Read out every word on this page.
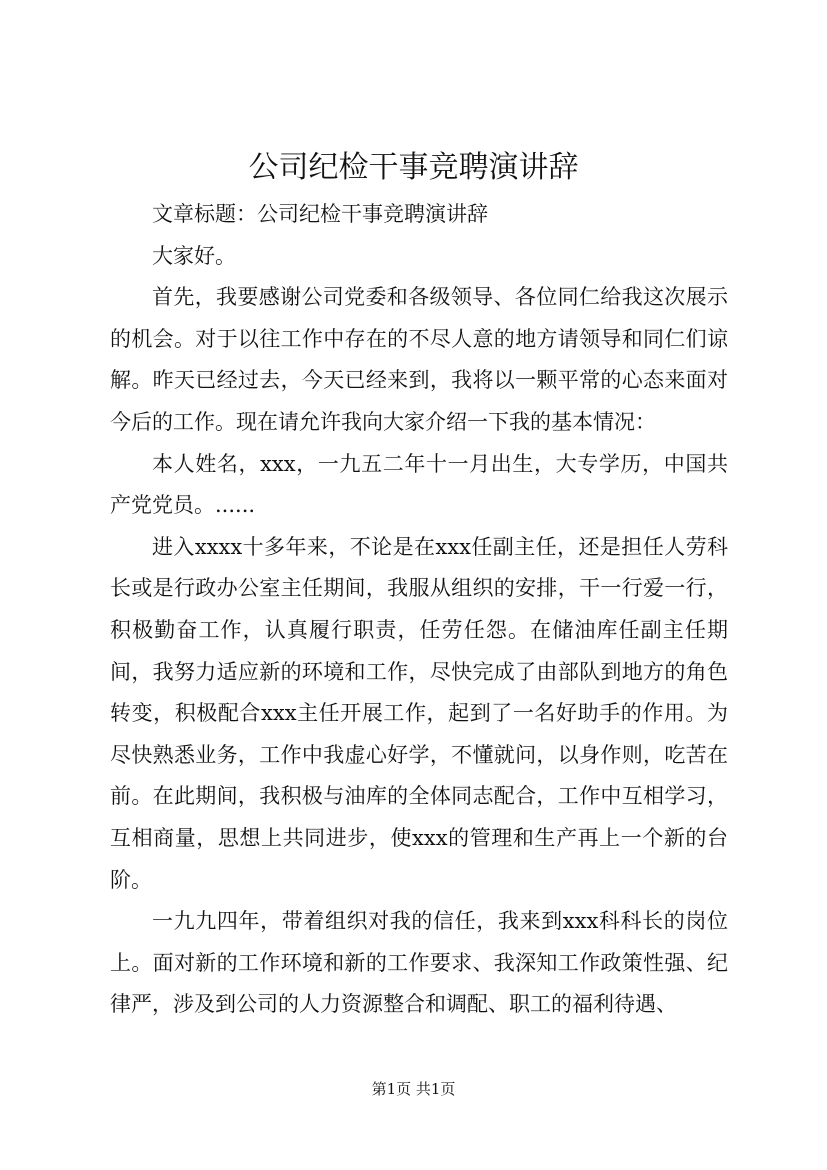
公司纪检干事竞聘演讲辞

文章标题：公司纪检干事竞聘演讲辞

大家好。

首先，我要感谢公司党委和各级领导、各位同仁给我这次展示的机会。对于以往工作中存在的不尽人意的地方请领导和同仁们谅解。昨天已经过去，今天已经来到，我将以一颗平常的心态来面对今后的工作。现在请允许我向大家介绍一下我的基本情况：

本人姓名，xxx，一九五二年十一月出生，大专学历，中国共产党党员。......

进入xxxx十多年来，不论是在xxx任副主任，还是担任人劳科长或是行政办公室主任期间，我服从组织的安排，干一行爱一行，积极勤奋工作，认真履行职责，任劳任怨。在储油库任副主任期间，我努力适应新的环境和工作，尽快完成了由部队到地方的角色转变，积极配合xxx主任开展工作，起到了一名好助手的作用。为尽快熟悉业务，工作中我虚心好学，不懂就问，以身作则，吃苦在前。在此期间，我积极与油库的全体同志配合，工作中互相学习，互相商量，思想上共同进步，使xxx的管理和生产再上一个新的台阶。

一九九四年，带着组织对我的信任，我来到xxx科科长的岗位上。面对新的工作环境和新的工作要求、我深知工作政策性强、纪律严，涉及到公司的人力资源整合和调配、职工的福利待遇、

第1页 共1页
